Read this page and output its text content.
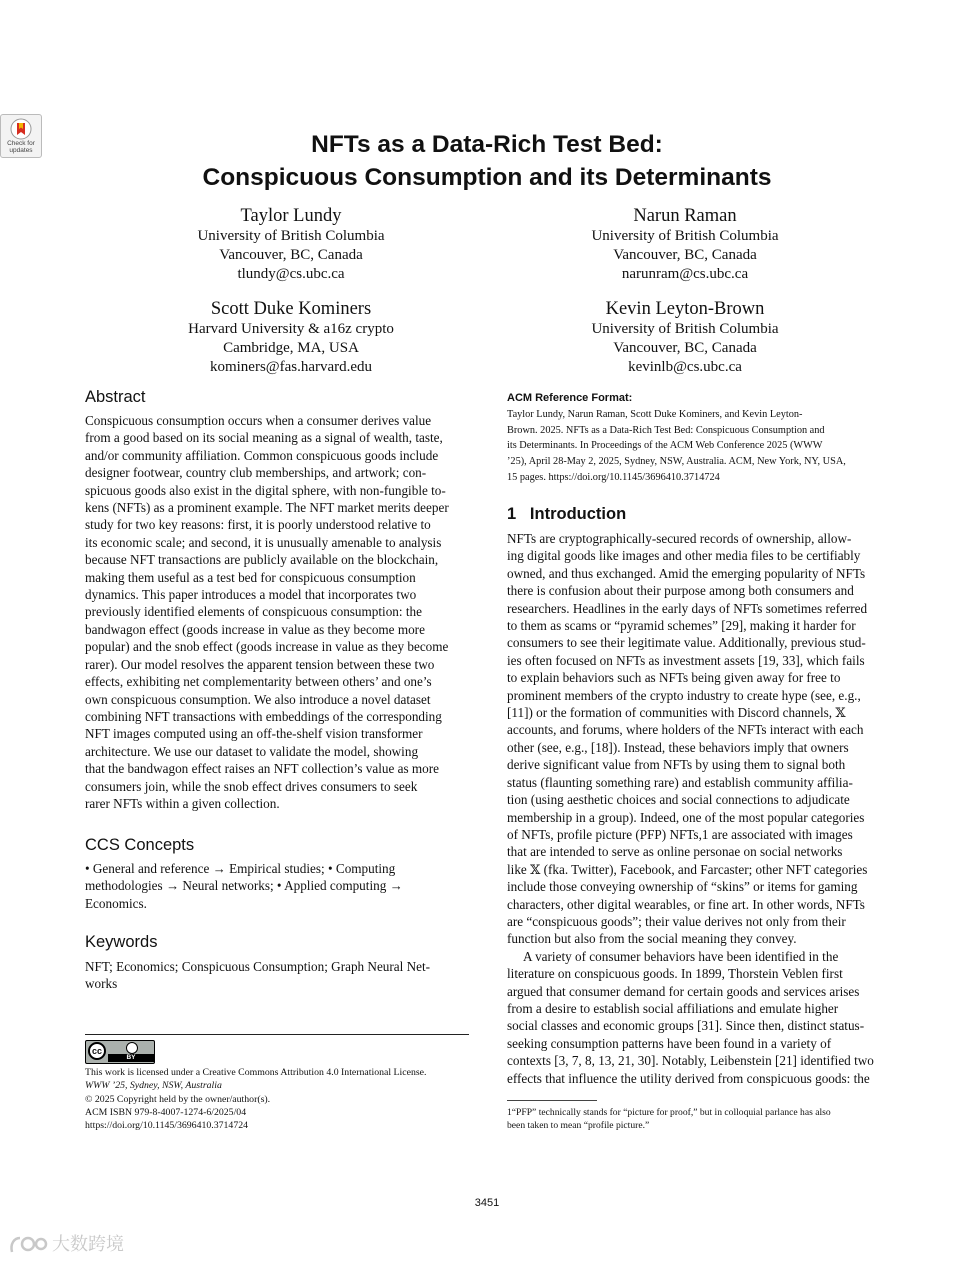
Check for
updates	NFTs as a Data-Rich Test Bed:
Conspicuous Consumption and its Determinants
Taylor Lundy
University of British Columbia
Vancouver, BC, Canada
tlundy@cs.ubc.ca
Narun Raman
University of British Columbia
Vancouver, BC, Canada
narunram@cs.ubc.ca
Scott Duke Kominers
Harvard University & a16z crypto
Cambridge, MA, USA
kominers@fas.harvard.edu
Kevin Leyton-Brown
University of British Columbia
Vancouver, BC, Canada
kevinlb@cs.ubc.ca
Abstract
Conspicuous consumption occurs when a consumer derives value
from a good based on its social meaning as a signal of wealth, taste,
and/or community affiliation. Common conspicuous goods include
designer footwear, country club memberships, and artwork; con-
spicuous goods also exist in the digital sphere, with non-fungible to-
kens (NFTs) as a prominent example. The NFT market merits deeper
study for two key reasons: first, it is poorly understood relative to
its economic scale; and second, it is unusually amenable to analysis
because NFT transactions are publicly available on the blockchain,
making them useful as a test bed for conspicuous consumption
dynamics. This paper introduces a model that incorporates two
previously identified elements of conspicuous consumption: the
bandwagon effect (goods increase in value as they become more
popular) and the snob effect (goods increase in value as they become
rarer). Our model resolves the apparent tension between these two
effects, exhibiting net complementarity between others’ and one’s
own conspicuous consumption. We also introduce a novel dataset
combining NFT transactions with embeddings of the corresponding
NFT images computed using an off-the-shelf vision transformer
architecture. We use our dataset to validate the model, showing
that the bandwagon effect raises an NFT collection’s value as more
consumers join, while the snob effect drives consumers to seek
rarer NFTs within a given collection.
CCS Concepts
• General and reference → Empirical studies; • Computing
methodologies → Neural networks; • Applied computing →
Economics.
Keywords
NFT; Economics; Conspicuous Consumption; Graph Neural Net-
works
cc
BY
This work is licensed under a Creative Commons Attribution 4.0 International License.
WWW ’25, Sydney, NSW, Australia
© 2025 Copyright held by the owner/author(s).
ACM ISBN 979-8-4007-1274-6/2025/04
https://doi.org/10.1145/3696410.3714724
ACM Reference Format:
Taylor Lundy, Narun Raman, Scott Duke Kominers, and Kevin Leyton-
Brown. 2025. NFTs as a Data-Rich Test Bed: Conspicuous Consumption and
its Determinants. In Proceedings of the ACM Web Conference 2025 (WWW
’25), April 28-May 2, 2025, Sydney, NSW, Australia. ACM, New York, NY, USA,
15 pages. https://doi.org/10.1145/3696410.3714724
1   Introduction
NFTs are cryptographically-secured records of ownership, allow-
ing digital goods like images and other media files to be certifiably
owned, and thus exchanged. Amid the emerging popularity of NFTs
there is confusion about their purpose among both consumers and
researchers. Headlines in the early days of NFTs sometimes referred
to them as scams or “pyramid schemes” [29], making it harder for
consumers to see their legitimate value. Additionally, previous stud-
ies often focused on NFTs as investment assets [19, 33], which fails
to explain behaviors such as NFTs being given away for free to
prominent members of the crypto industry to create hype (see, e.g.,
[11]) or the formation of communities with Discord channels, 𝕏
accounts, and forums, where holders of the NFTs interact with each
other (see, e.g., [18]). Instead, these behaviors imply that owners
derive significant value from NFTs by using them to signal both
status (flaunting something rare) and establish community affilia-
tion (using aesthetic choices and social connections to adjudicate
membership in a group). Indeed, one of the most popular categories
of NFTs, profile picture (PFP) NFTs,1 are associated with images
that are intended to serve as online personae on social networks
like 𝕏 (fka. Twitter), Facebook, and Farcaster; other NFT categories
include those conveying ownership of “skins” or items for gaming
characters, other digital wearables, or fine art. In other words, NFTs
are “conspicuous goods”; their value derives not only from their
function but also from the social meaning they convey.
A variety of consumer behaviors have been identified in the
literature on conspicuous goods. In 1899, Thorstein Veblen first
argued that consumer demand for certain goods and services arises
from a desire to establish social affiliations and emulate higher
social classes and economic groups [31]. Since then, distinct status-
seeking consumption patterns have been found in a variety of
contexts [3, 7, 8, 13, 21, 30]. Notably, Leibenstein [21] identified two
effects that influence the utility derived from conspicuous goods: the
1“PFP” technically stands for “picture for proof,” but in colloquial parlance has also
been taken to mean “profile picture.”
3451
大数跨境
